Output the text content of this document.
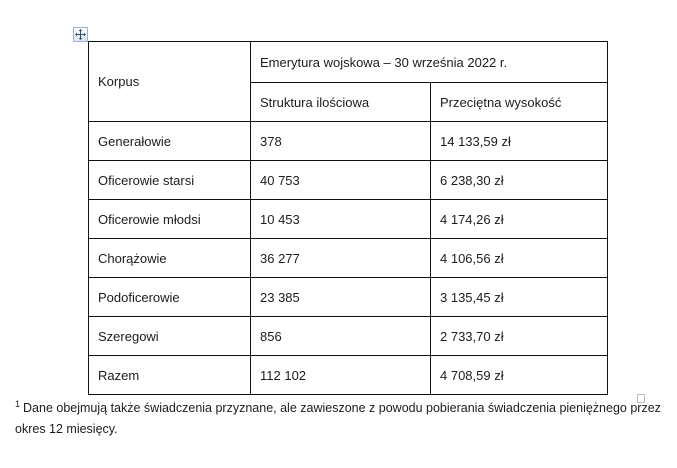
Korpus	Emerytura wojskowa – 30 września 2022 r.	
	Struktura ilościowa	Przeciętna wysokość
Generałowie	378	14 133,59 zł
Oficerowie starsi	40 753	6 238,30 zł
Oficerowie młodsi	10 453	4 174,26 zł
Chorążowie	36 277	4 106,56 zł
Podoficerowie	23 385	3 135,45 zł
Szeregowi	856	2 733,70 zł
Razem	112 102	4 708,59 zł

$^1$ Dane obejmują także świadczenia przyznane, ale zawieszone z powodu pobierania świadczenia pieniężnego przez okres 12 miesięcy.
